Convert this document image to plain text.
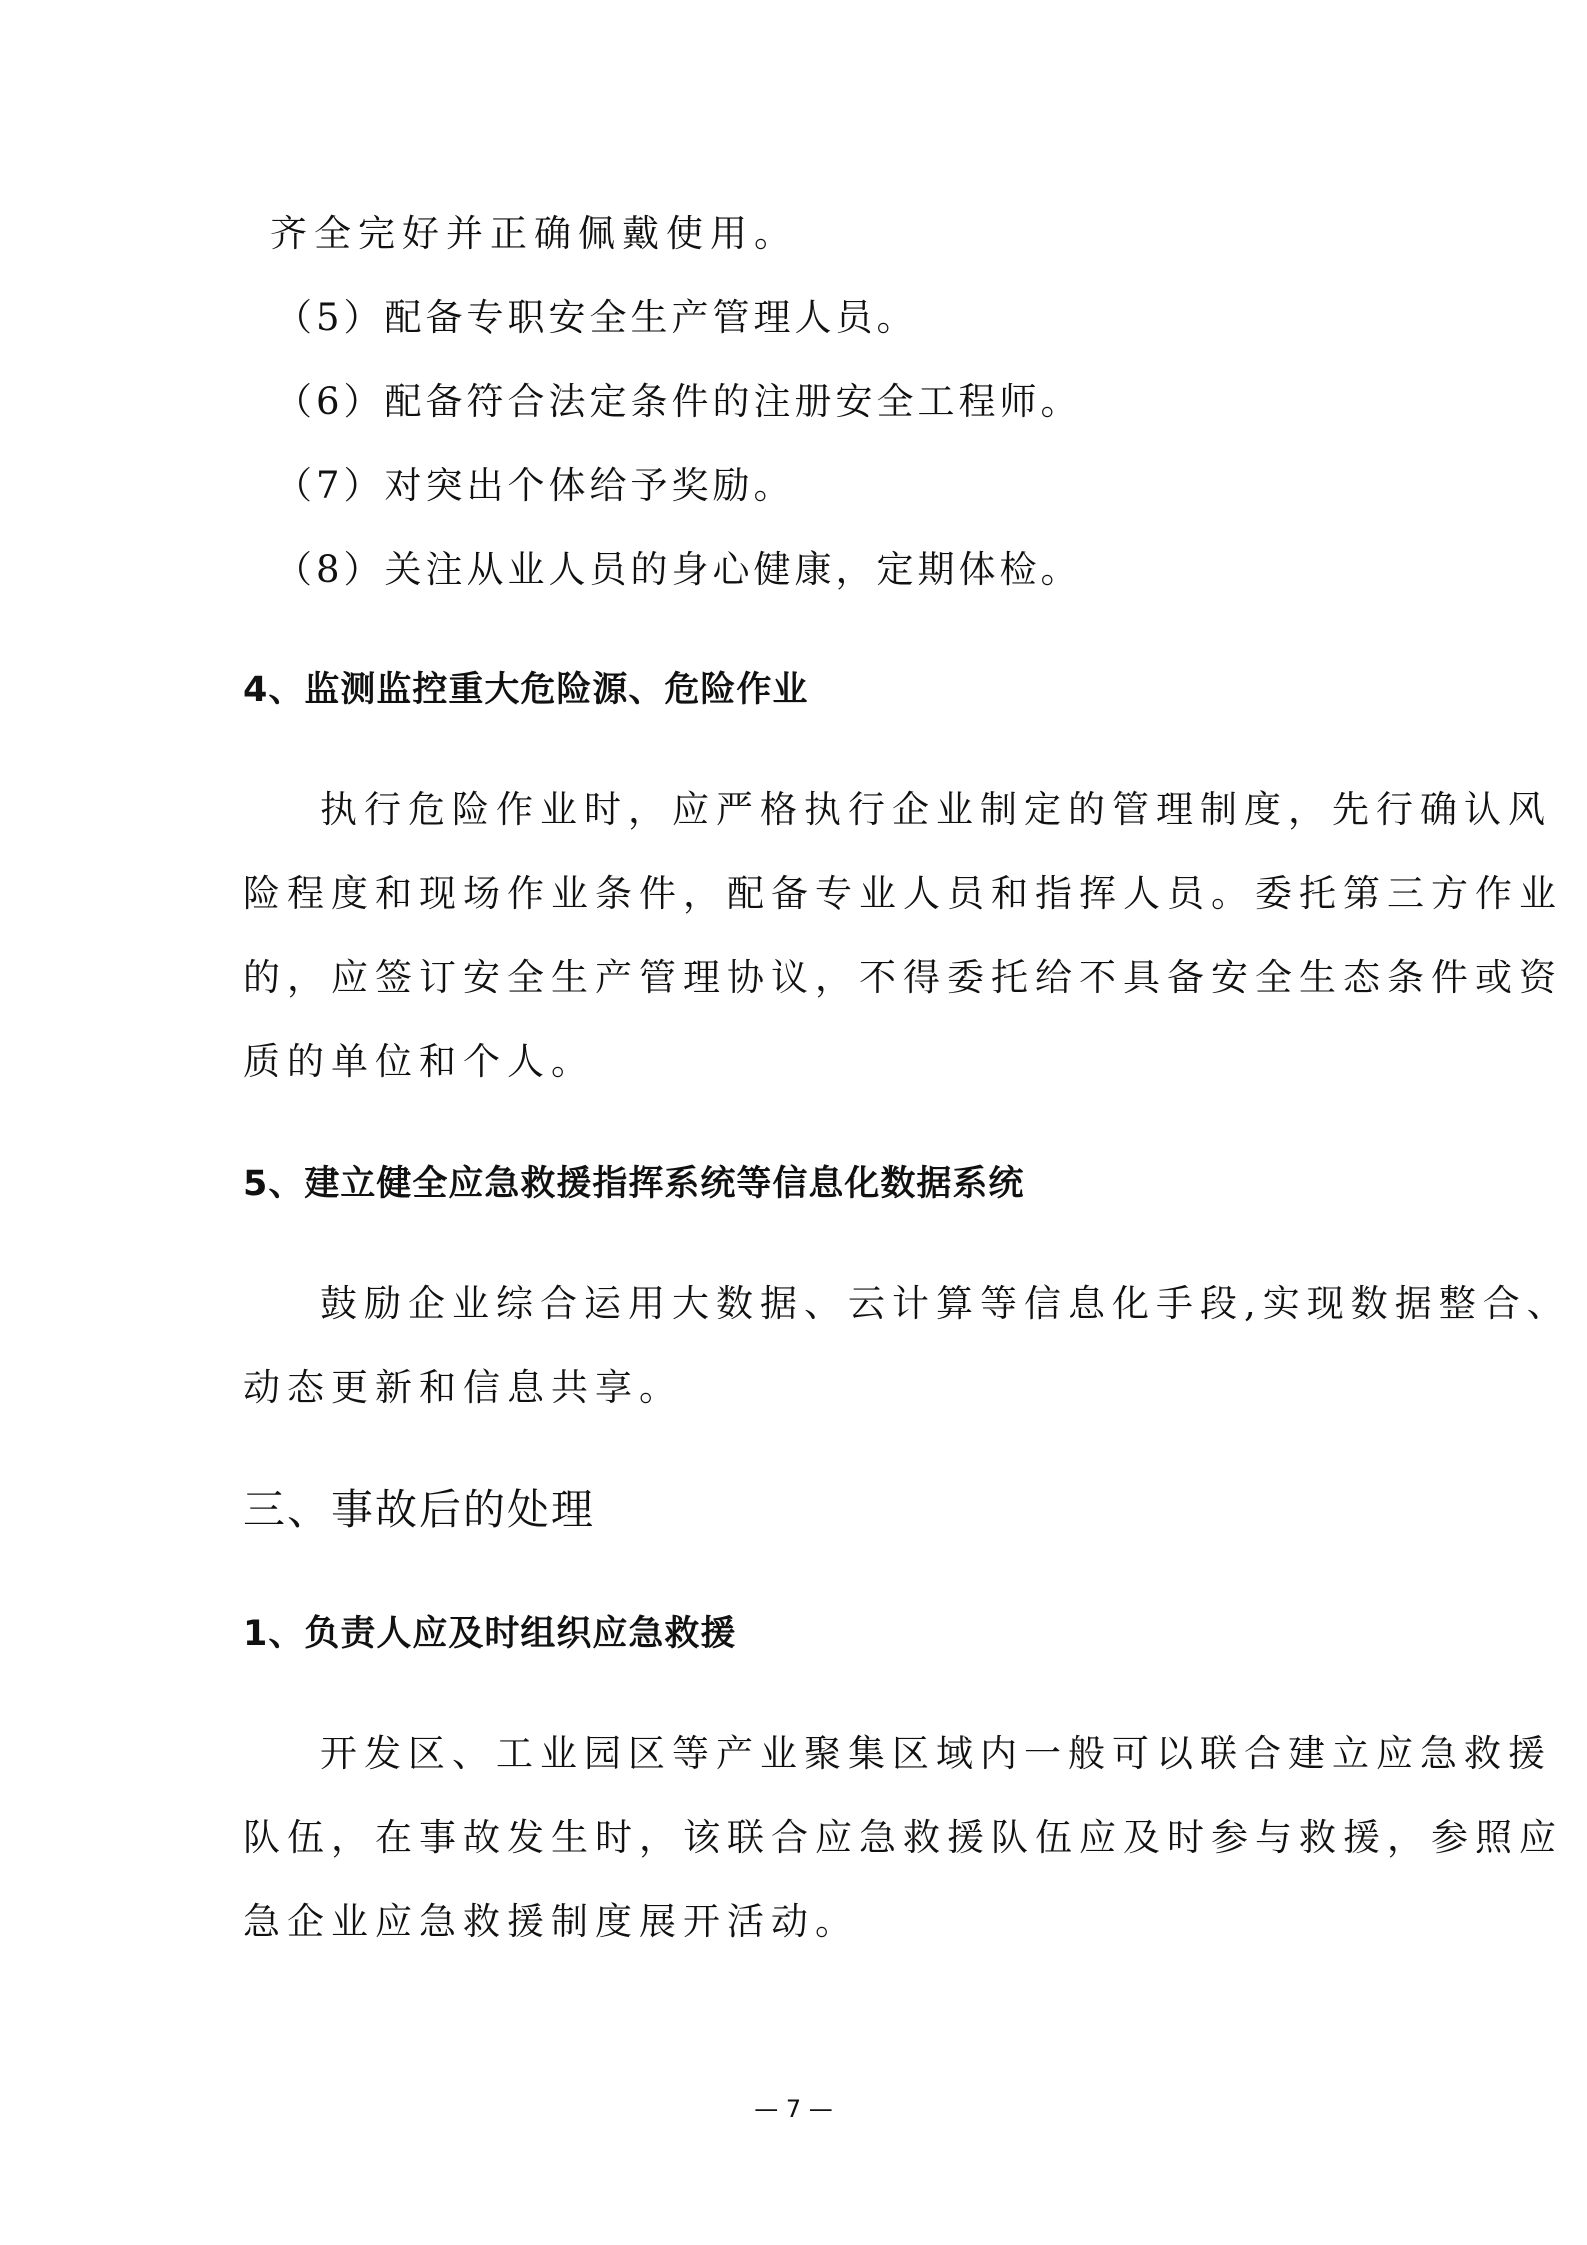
齐全完好并正确佩戴使用。
（5）配备专职安全生产管理人员。
（6）配备符合法定条件的注册安全工程师。
（7）对突出个体给予奖励。
（8）关注从业人员的身心健康，定期体检。
4、监测监控重大危险源、危险作业
执行危险作业时，应严格执行企业制定的管理制度，先行确认风
险程度和现场作业条件，配备专业人员和指挥人员。委托第三方作业
的，应签订安全生产管理协议，不得委托给不具备安全生态条件或资
质的单位和个人。
5、建立健全应急救援指挥系统等信息化数据系统
鼓励企业综合运用大数据、云计算等信息化手段,实现数据整合、
动态更新和信息共享。
三、事故后的处理
1、负责人应及时组织应急救援
开发区、工业园区等产业聚集区域内一般可以联合建立应急救援
队伍，在事故发生时，该联合应急救援队伍应及时参与救援，参照应
急企业应急救援制度展开活动。
— 7 —
